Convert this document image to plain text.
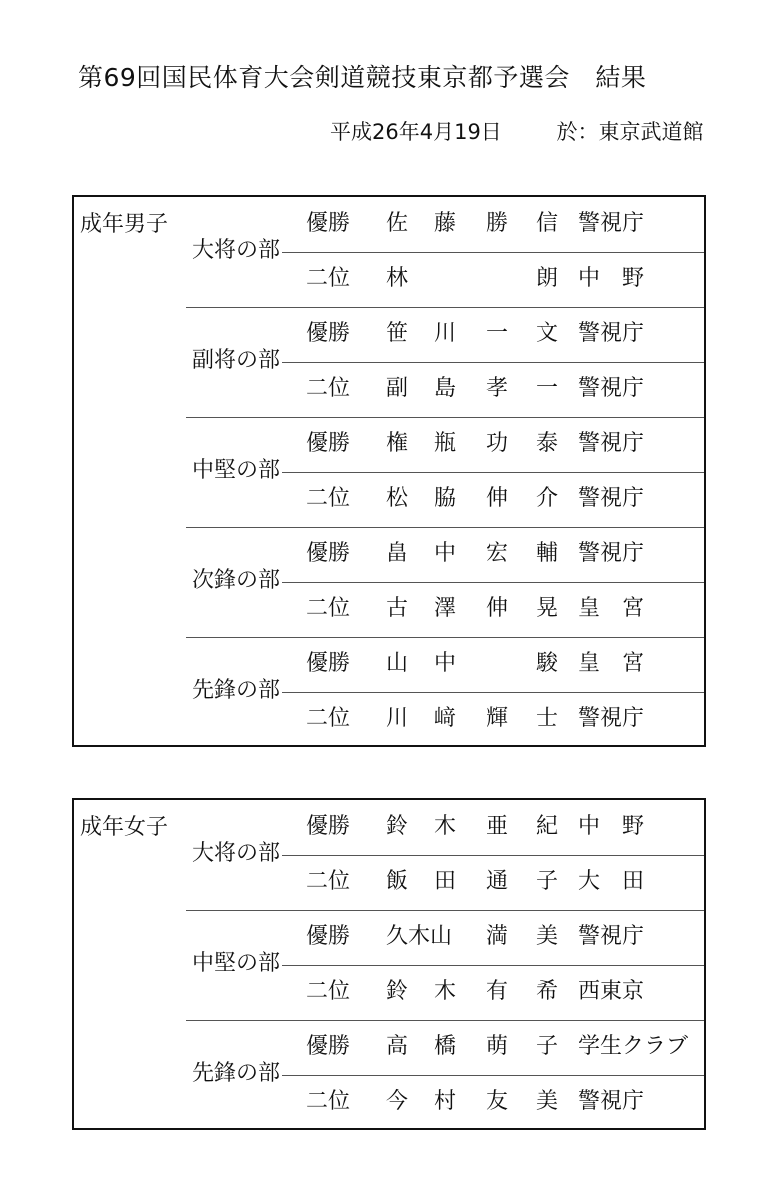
第69回国民体育大会剣道競技東京都予選会　結果
平成26年4月19日	於：東京武道館
成年男子
大将の部
優勝 佐 藤 勝 信 警視庁
二位 林	朗 中　野
副将の部
優勝 笹 川 一 文 警視庁
二位 副 島 孝 一 警視庁
中堅の部
優勝 権 瓶 功 泰 警視庁
二位 松 脇 伸 介 警視庁
次鋒の部
優勝 畠 中 宏 輔 警視庁
二位 古 澤 伸 晃 皇　宮
先鋒の部
優勝 山 中	駿 皇　宮
二位 川 﨑 輝 士 警視庁
成年女子
大将の部
優勝 鈴 木 亜 紀 中　野
二位 飯 田 通 子 大　田
中堅の部
優勝 久木山 満 美 警視庁
二位 鈴 木 有 希 西東京
先鋒の部
優勝 高 橋 萌 子 学生クラブ
二位 今 村 友 美 警視庁
